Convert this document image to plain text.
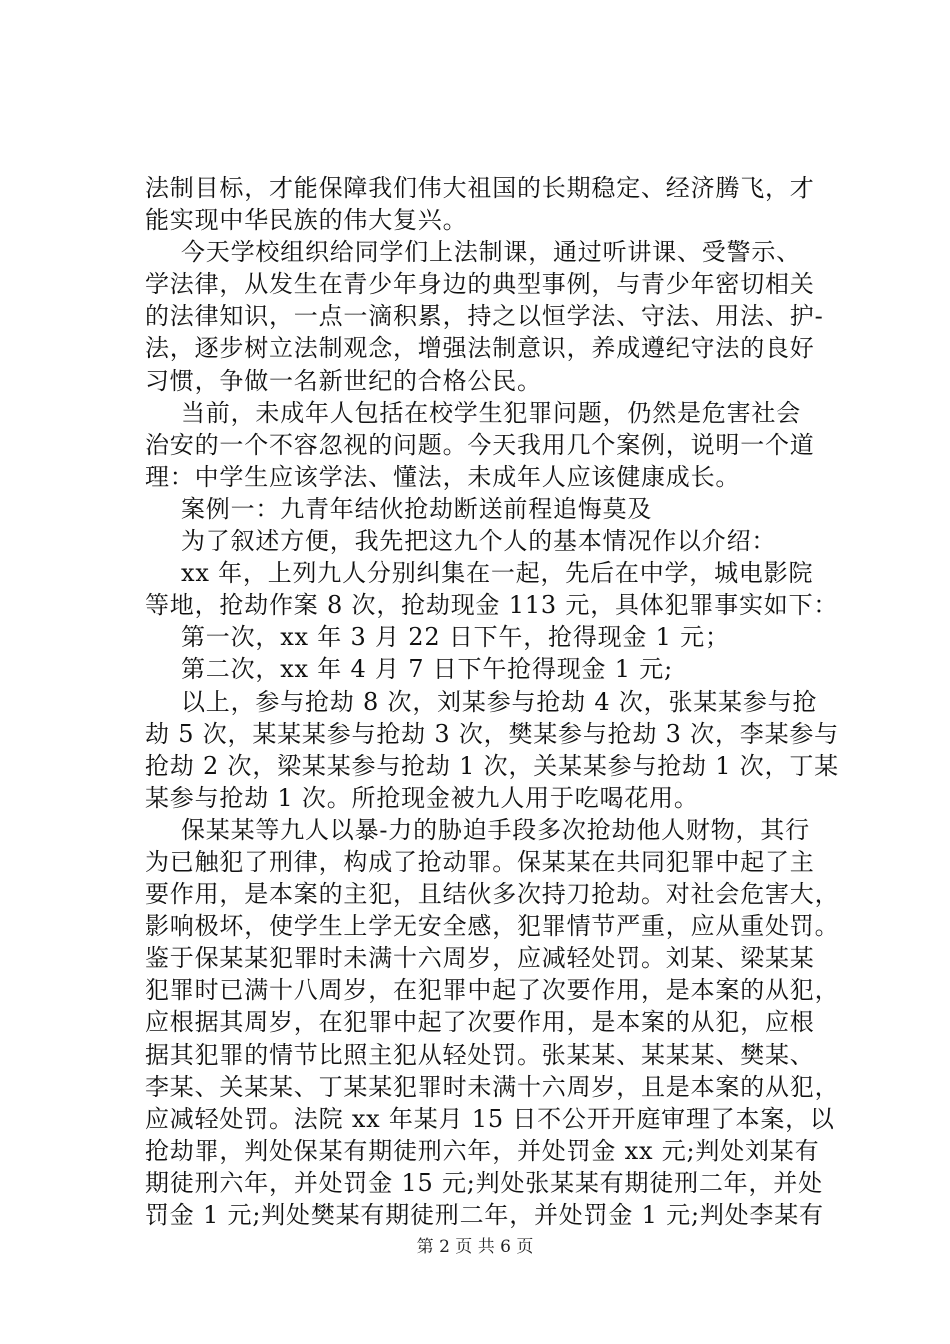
法制目标，才能保障我们伟大祖国的长期稳定、经济腾飞，才
能实现中华民族的伟大复兴。
今天学校组织给同学们上法制课，通过听讲课、受警示、
学法律，从发生在青少年身边的典型事例，与青少年密切相关
的法律知识，一点一滴积累，持之以恒学法、守法、用法、护-
法，逐步树立法制观念，增强法制意识，养成遵纪守法的良好
习惯，争做一名新世纪的合格公民。
当前，未成年人包括在校学生犯罪问题，仍然是危害社会
治安的一个不容忽视的问题。今天我用几个案例，说明一个道
理：中学生应该学法、懂法，未成年人应该健康成长。
案例一：九青年结伙抢劫断送前程追悔莫及
为了叙述方便，我先把这九个人的基本情况作以介绍：
xx 年，上列九人分别纠集在一起，先后在中学，城电影院
等地，抢劫作案 8 次，抢劫现金 113 元，具体犯罪事实如下：
第一次，xx 年 3 月 22 日下午，抢得现金 1 元；
第二次，xx 年 4 月 7 日下午抢得现金 1 元;
以上，参与抢劫 8 次，刘某参与抢劫 4 次，张某某参与抢
劫 5 次，某某某参与抢劫 3 次，樊某参与抢劫 3 次，李某参与
抢劫 2 次，梁某某参与抢劫 1 次，关某某参与抢劫 1 次，丁某
某参与抢劫 1 次。所抢现金被九人用于吃喝花用。
保某某等九人以暴-力的胁迫手段多次抢劫他人财物，其行
为已触犯了刑律，构成了抢动罪。保某某在共同犯罪中起了主
要作用，是本案的主犯，且结伙多次持刀抢劫。对社会危害大，
影响极坏，使学生上学无安全感，犯罪情节严重，应从重处罚。
鉴于保某某犯罪时未满十六周岁，应减轻处罚。刘某、梁某某
犯罪时已满十八周岁，在犯罪中起了次要作用，是本案的从犯，
应根据其周岁，在犯罪中起了次要作用，是本案的从犯，应根
据其犯罪的情节比照主犯从轻处罚。张某某、某某某、樊某、
李某、关某某、丁某某犯罪时未满十六周岁，且是本案的从犯，
应减轻处罚。法院 xx 年某月 15 日不公开开庭审理了本案，以
抢劫罪，判处保某有期徒刑六年，并处罚金 xx 元;判处刘某有
期徒刑六年，并处罚金 15 元;判处张某某有期徒刑二年，并处
罚金 1 元;判处樊某有期徒刑二年，并处罚金 1 元;判处李某有
第 2 页 共 6 页
